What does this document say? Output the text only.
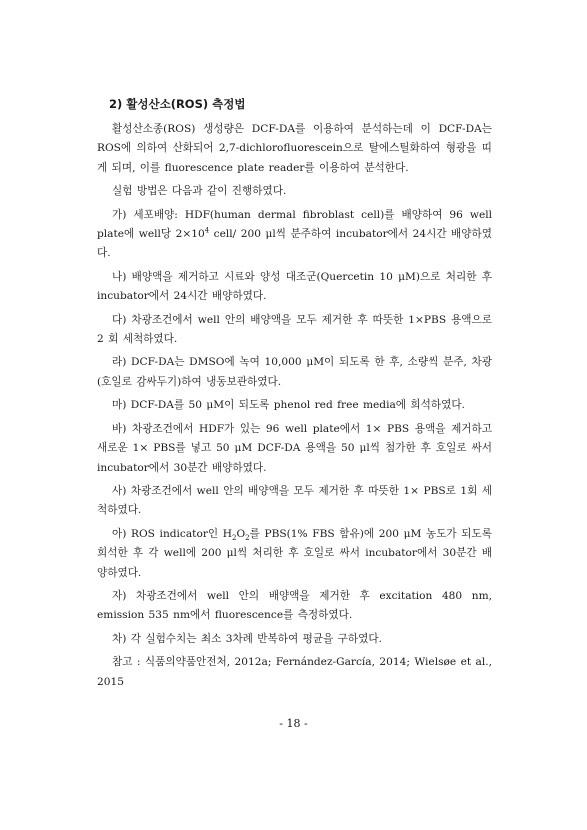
2) 활성산소(ROS) 측정법

활성산소종(ROS) 생성량은 DCF-DA를 이용하여 분석하는데 이 DCF-DA는 ROS에 의하여 산화되어 2,7-dichlorofluorescein으로 탈에스틸화하여 형광을 띠게 되며, 이를 fluorescence plate reader를 이용하여 분석한다.

실험 방법은 다음과 같이 진행하였다.

가) 세포배양: HDF(human dermal fibroblast cell)를 배양하여 96 well plate에 well당 $2\times 10^4$ cell/ 200 μl씩 분주하여 incubator에서 24시간 배양하였다.

나) 배양액을 제거하고 시료와 양성 대조군(Quercetin 10 μM)으로 처리한 후 incubator에서 24시간 배양하였다.

다) 차광조건에서 well 안의 배양액을 모두 제거한 후 따뜻한 1×PBS 용액으로 2 회 세척하였다.

라) DCF-DA는 DMSO에 녹여 10,000 μM이 되도록 한 후, 소량씩 분주, 차광(호일로 감싸두기)하여 냉동보관하였다.

마) DCF-DA를 50 μM이 되도록 phenol red free media에 희석하였다.

바) 차광조건에서 HDF가 있는 96 well plate에서 1× PBS 용액을 제거하고 새로운 1× PBS를 넣고 50 μM DCF-DA 용액을 50 μl씩 첨가한 후 호일로 싸서 incubator에서 30분간 배양하였다.

사) 차광조건에서 well 안의 배양액을 모두 제거한 후 따뜻한 1× PBS로 1회 세척하였다.

아) ROS indicator인 $H_2O_2$를 PBS(1% FBS 함유)에 200 μM 농도가 되도록 희석한 후 각 well에 200 μl씩 처리한 후 호일로 싸서 incubator에서 30분간 배양하였다.

자) 차광조건에서 well 안의 배양액을 제거한 후 excitation 480 nm, emission 535 nm에서 fluorescence를 측정하였다.

차) 각 실험수치는 최소 3차례 반복하여 평균을 구하였다.

참고 : 식품의약품안전처, 2012a; Fernández-García, 2014; Wielsøe et al., 2015

- 18 -
